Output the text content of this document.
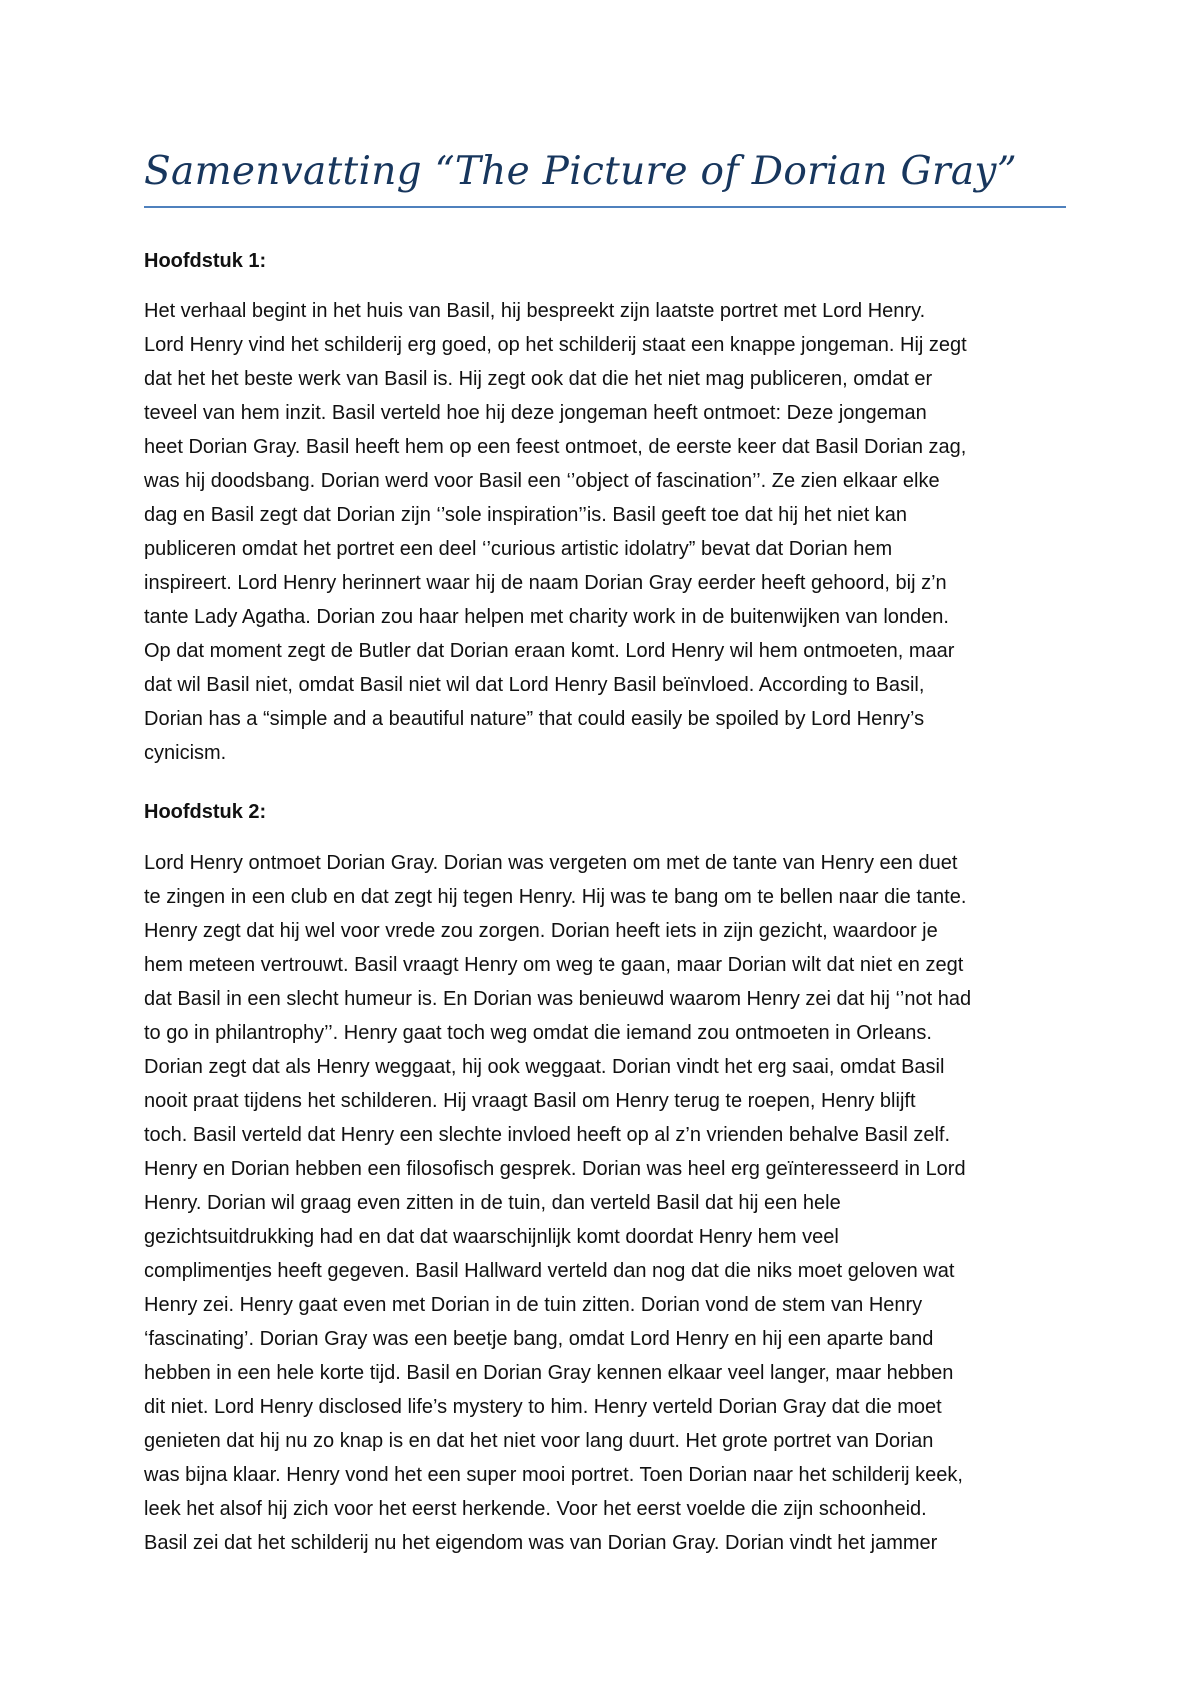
Samenvatting “The Picture of Dorian Gray”
Hoofdstuk 1:
Het verhaal begint in het huis van Basil, hij bespreekt zijn laatste portret met Lord Henry.
Lord Henry vind het schilderij erg goed, op het schilderij staat een knappe jongeman. Hij zegt
dat het het beste werk van Basil is. Hij zegt ook dat die het niet mag publiceren, omdat er
teveel van hem inzit. Basil verteld hoe hij deze jongeman heeft ontmoet: Deze jongeman
heet Dorian Gray. Basil heeft hem op een feest ontmoet, de eerste keer dat Basil Dorian zag,
was hij doodsbang. Dorian werd voor Basil een ‘’object of fascination’’. Ze zien elkaar elke
dag en Basil zegt dat Dorian zijn ‘’sole inspiration’’is. Basil geeft toe dat hij het niet kan
publiceren omdat het portret een deel ‘’curious artistic idolatry” bevat dat Dorian hem
inspireert. Lord Henry herinnert waar hij de naam Dorian Gray eerder heeft gehoord, bij z’n
tante Lady Agatha. Dorian zou haar helpen met charity work in de buitenwijken van londen.
Op dat moment zegt de Butler dat Dorian eraan komt. Lord Henry wil hem ontmoeten, maar
dat wil Basil niet, omdat Basil niet wil dat Lord Henry Basil beïnvloed. According to Basil,
Dorian has a “simple and a beautiful nature” that could easily be spoiled by Lord Henry’s
cynicism.
Hoofdstuk 2:
Lord Henry ontmoet Dorian Gray. Dorian was vergeten om met de tante van Henry een duet
te zingen in een club en dat zegt hij tegen Henry. Hij was te bang om te bellen naar die tante.
Henry zegt dat hij wel voor vrede zou zorgen. Dorian heeft iets in zijn gezicht, waardoor je
hem meteen vertrouwt. Basil vraagt Henry om weg te gaan, maar Dorian wilt dat niet en zegt
dat Basil in een slecht humeur is. En Dorian was benieuwd waarom Henry zei dat hij ‘’not had
to go in philantrophy’’. Henry gaat toch weg omdat die iemand zou ontmoeten in Orleans.
Dorian zegt dat als Henry weggaat, hij ook weggaat. Dorian vindt het erg saai, omdat Basil
nooit praat tijdens het schilderen. Hij vraagt Basil om Henry terug te roepen, Henry blijft
toch. Basil verteld dat Henry een slechte invloed heeft op al z’n vrienden behalve Basil zelf.
Henry en Dorian hebben een filosofisch gesprek. Dorian was heel erg geïnteresseerd in Lord
Henry. Dorian wil graag even zitten in de tuin, dan verteld Basil dat hij een hele
gezichtsuitdrukking had en dat dat waarschijnlijk komt doordat Henry hem veel
complimentjes heeft gegeven. Basil Hallward verteld dan nog dat die niks moet geloven wat
Henry zei. Henry gaat even met Dorian in de tuin zitten. Dorian vond de stem van Henry
‘fascinating’. Dorian Gray was een beetje bang, omdat Lord Henry en hij een aparte band
hebben in een hele korte tijd. Basil en Dorian Gray kennen elkaar veel langer, maar hebben
dit niet. Lord Henry disclosed life’s mystery to him. Henry verteld Dorian Gray dat die moet
genieten dat hij nu zo knap is en dat het niet voor lang duurt. Het grote portret van Dorian
was bijna klaar. Henry vond het een super mooi portret. Toen Dorian naar het schilderij keek,
leek het alsof hij zich voor het eerst herkende. Voor het eerst voelde die zijn schoonheid.
Basil zei dat het schilderij nu het eigendom was van Dorian Gray. Dorian vindt het jammer
